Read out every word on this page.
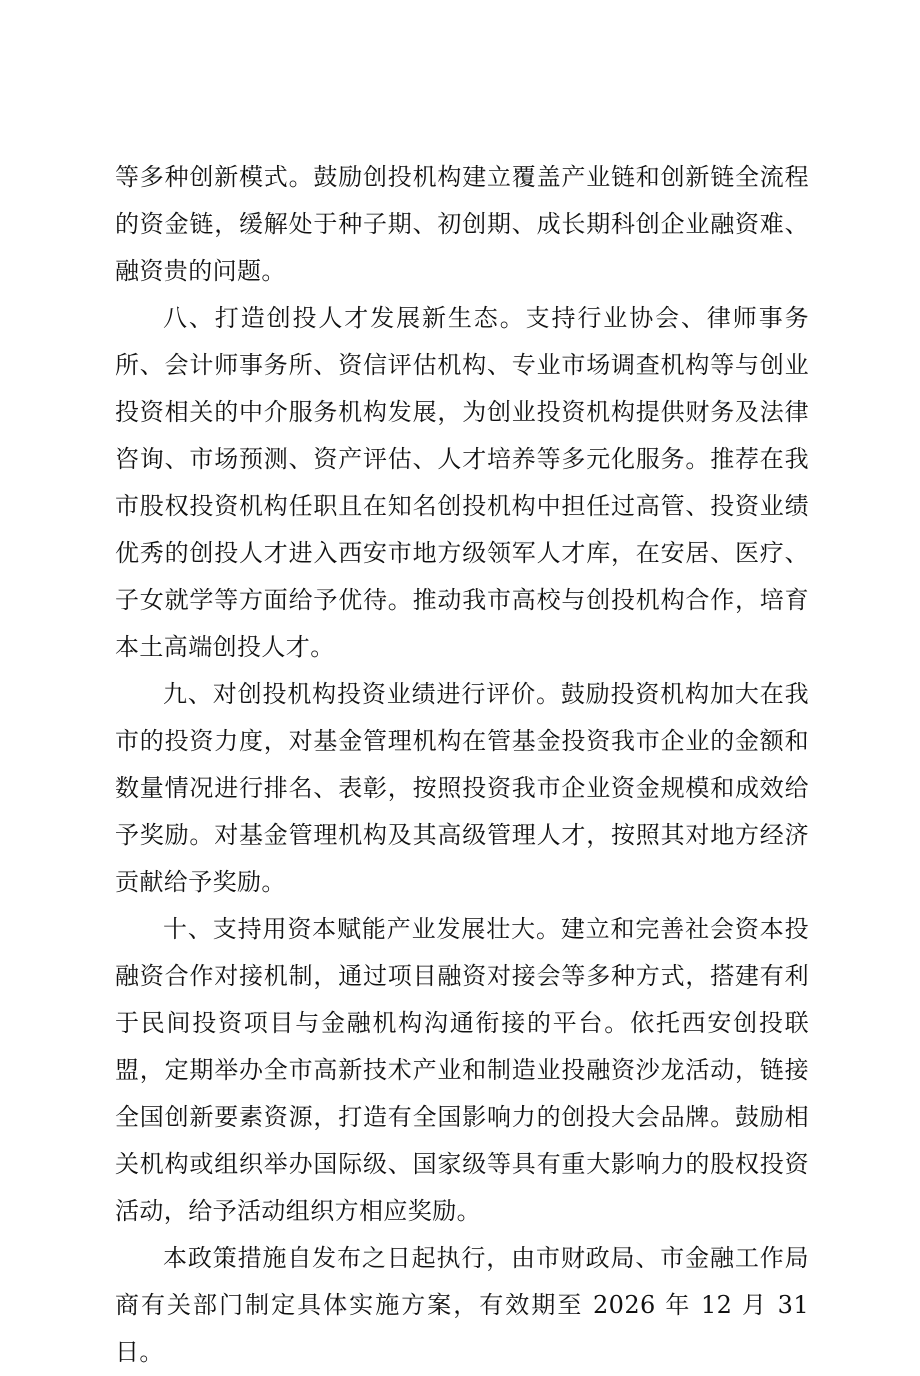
等多种创新模式。鼓励创投机构建立覆盖产业链和创新链全流程的资金链，缓解处于种子期、初创期、成长期科创企业融资难、融资贵的问题。

八、打造创投人才发展新生态。支持行业协会、律师事务所、会计师事务所、资信评估机构、专业市场调查机构等与创业投资相关的中介服务机构发展，为创业投资机构提供财务及法律咨询、市场预测、资产评估、人才培养等多元化服务。推荐在我市股权投资机构任职且在知名创投机构中担任过高管、投资业绩优秀的创投人才进入西安市地方级领军人才库，在安居、医疗、子女就学等方面给予优待。推动我市高校与创投机构合作，培育本土高端创投人才。

九、对创投机构投资业绩进行评价。鼓励投资机构加大在我市的投资力度，对基金管理机构在管基金投资我市企业的金额和数量情况进行排名、表彰，按照投资我市企业资金规模和成效给予奖励。对基金管理机构及其高级管理人才，按照其对地方经济贡献给予奖励。

十、支持用资本赋能产业发展壮大。建立和完善社会资本投融资合作对接机制，通过项目融资对接会等多种方式，搭建有利于民间投资项目与金融机构沟通衔接的平台。依托西安创投联盟，定期举办全市高新技术产业和制造业投融资沙龙活动，链接全国创新要素资源，打造有全国影响力的创投大会品牌。鼓励相关机构或组织举办国际级、国家级等具有重大影响力的股权投资活动，给予活动组织方相应奖励。

本政策措施自发布之日起执行，由市财政局、市金融工作局商有关部门制定具体实施方案，有效期至 2026 年 12 月 31 日。
